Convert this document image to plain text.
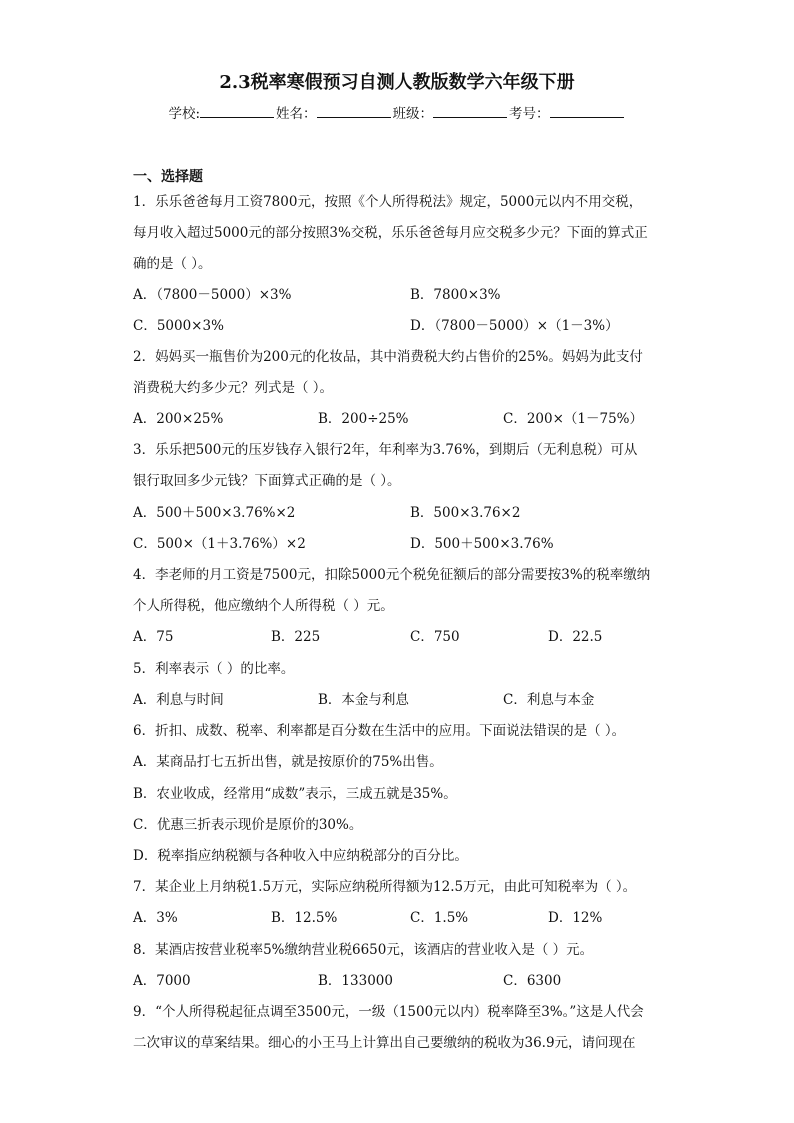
2.3税率寒假预习自测人教版数学六年级下册
学校:	姓名：	班级：	考号：
一、选择题
1．乐乐爸爸每月工资7800元，按照《个人所得税法》规定，5000元以内不用交税，
每月收入超过5000元的部分按照3%交税，乐乐爸爸每月应交税多少元？下面的算式正
确的是（ ）。
A．（7800－5000）×3%	B．7800×3%
C．5000×3%	D．（7800－5000）×（1－3%）
2．妈妈买一瓶售价为200元的化妆品，其中消费税大约占售价的25%。妈妈为此支付
消费税大约多少元？列式是（ ）。
A．200×25%	B．200÷25%	C．200×（1－75%）
3．乐乐把500元的压岁钱存入银行2年，年利率为3.76%，到期后（无利息税）可从
银行取回多少元钱？下面算式正确的是（ ）。
A．500＋500×3.76%×2	B．500×3.76×2
C．500×（1＋3.76%）×2	D．500＋500×3.76%
4．李老师的月工资是7500元，扣除5000元个税免征额后的部分需要按3%的税率缴纳
个人所得税，他应缴纳个人所得税（ ）元。
A．75	B．225	C．750	D．22.5
5．利率表示（ ）的比率。
A．利息与时间	B．本金与利息	C．利息与本金
6．折扣、成数、税率、利率都是百分数在生活中的应用。下面说法错误的是（ ）。
A．某商品打七五折出售，就是按原价的75%出售。
B．农业收成，经常用“成数”表示，三成五就是35%。
C．优惠三折表示现价是原价的30%。
D．税率指应纳税额与各种收入中应纳税部分的百分比。
7．某企业上月纳税1.5万元，实际应纳税所得额为12.5万元，由此可知税率为（ ）。
A．3%	B．12.5%	C．1.5%	D．12%
8．某酒店按营业税率5%缴纳营业税6650元，该酒店的营业收入是（ ）元。
A．7000	B．133000	C．6300
9．“个人所得税起征点调至3500元，一级（1500元以内）税率降至3%。”这是人代会
二次审议的草案结果。细心的小王马上计算出自己要缴纳的税收为36.9元，请问现在
